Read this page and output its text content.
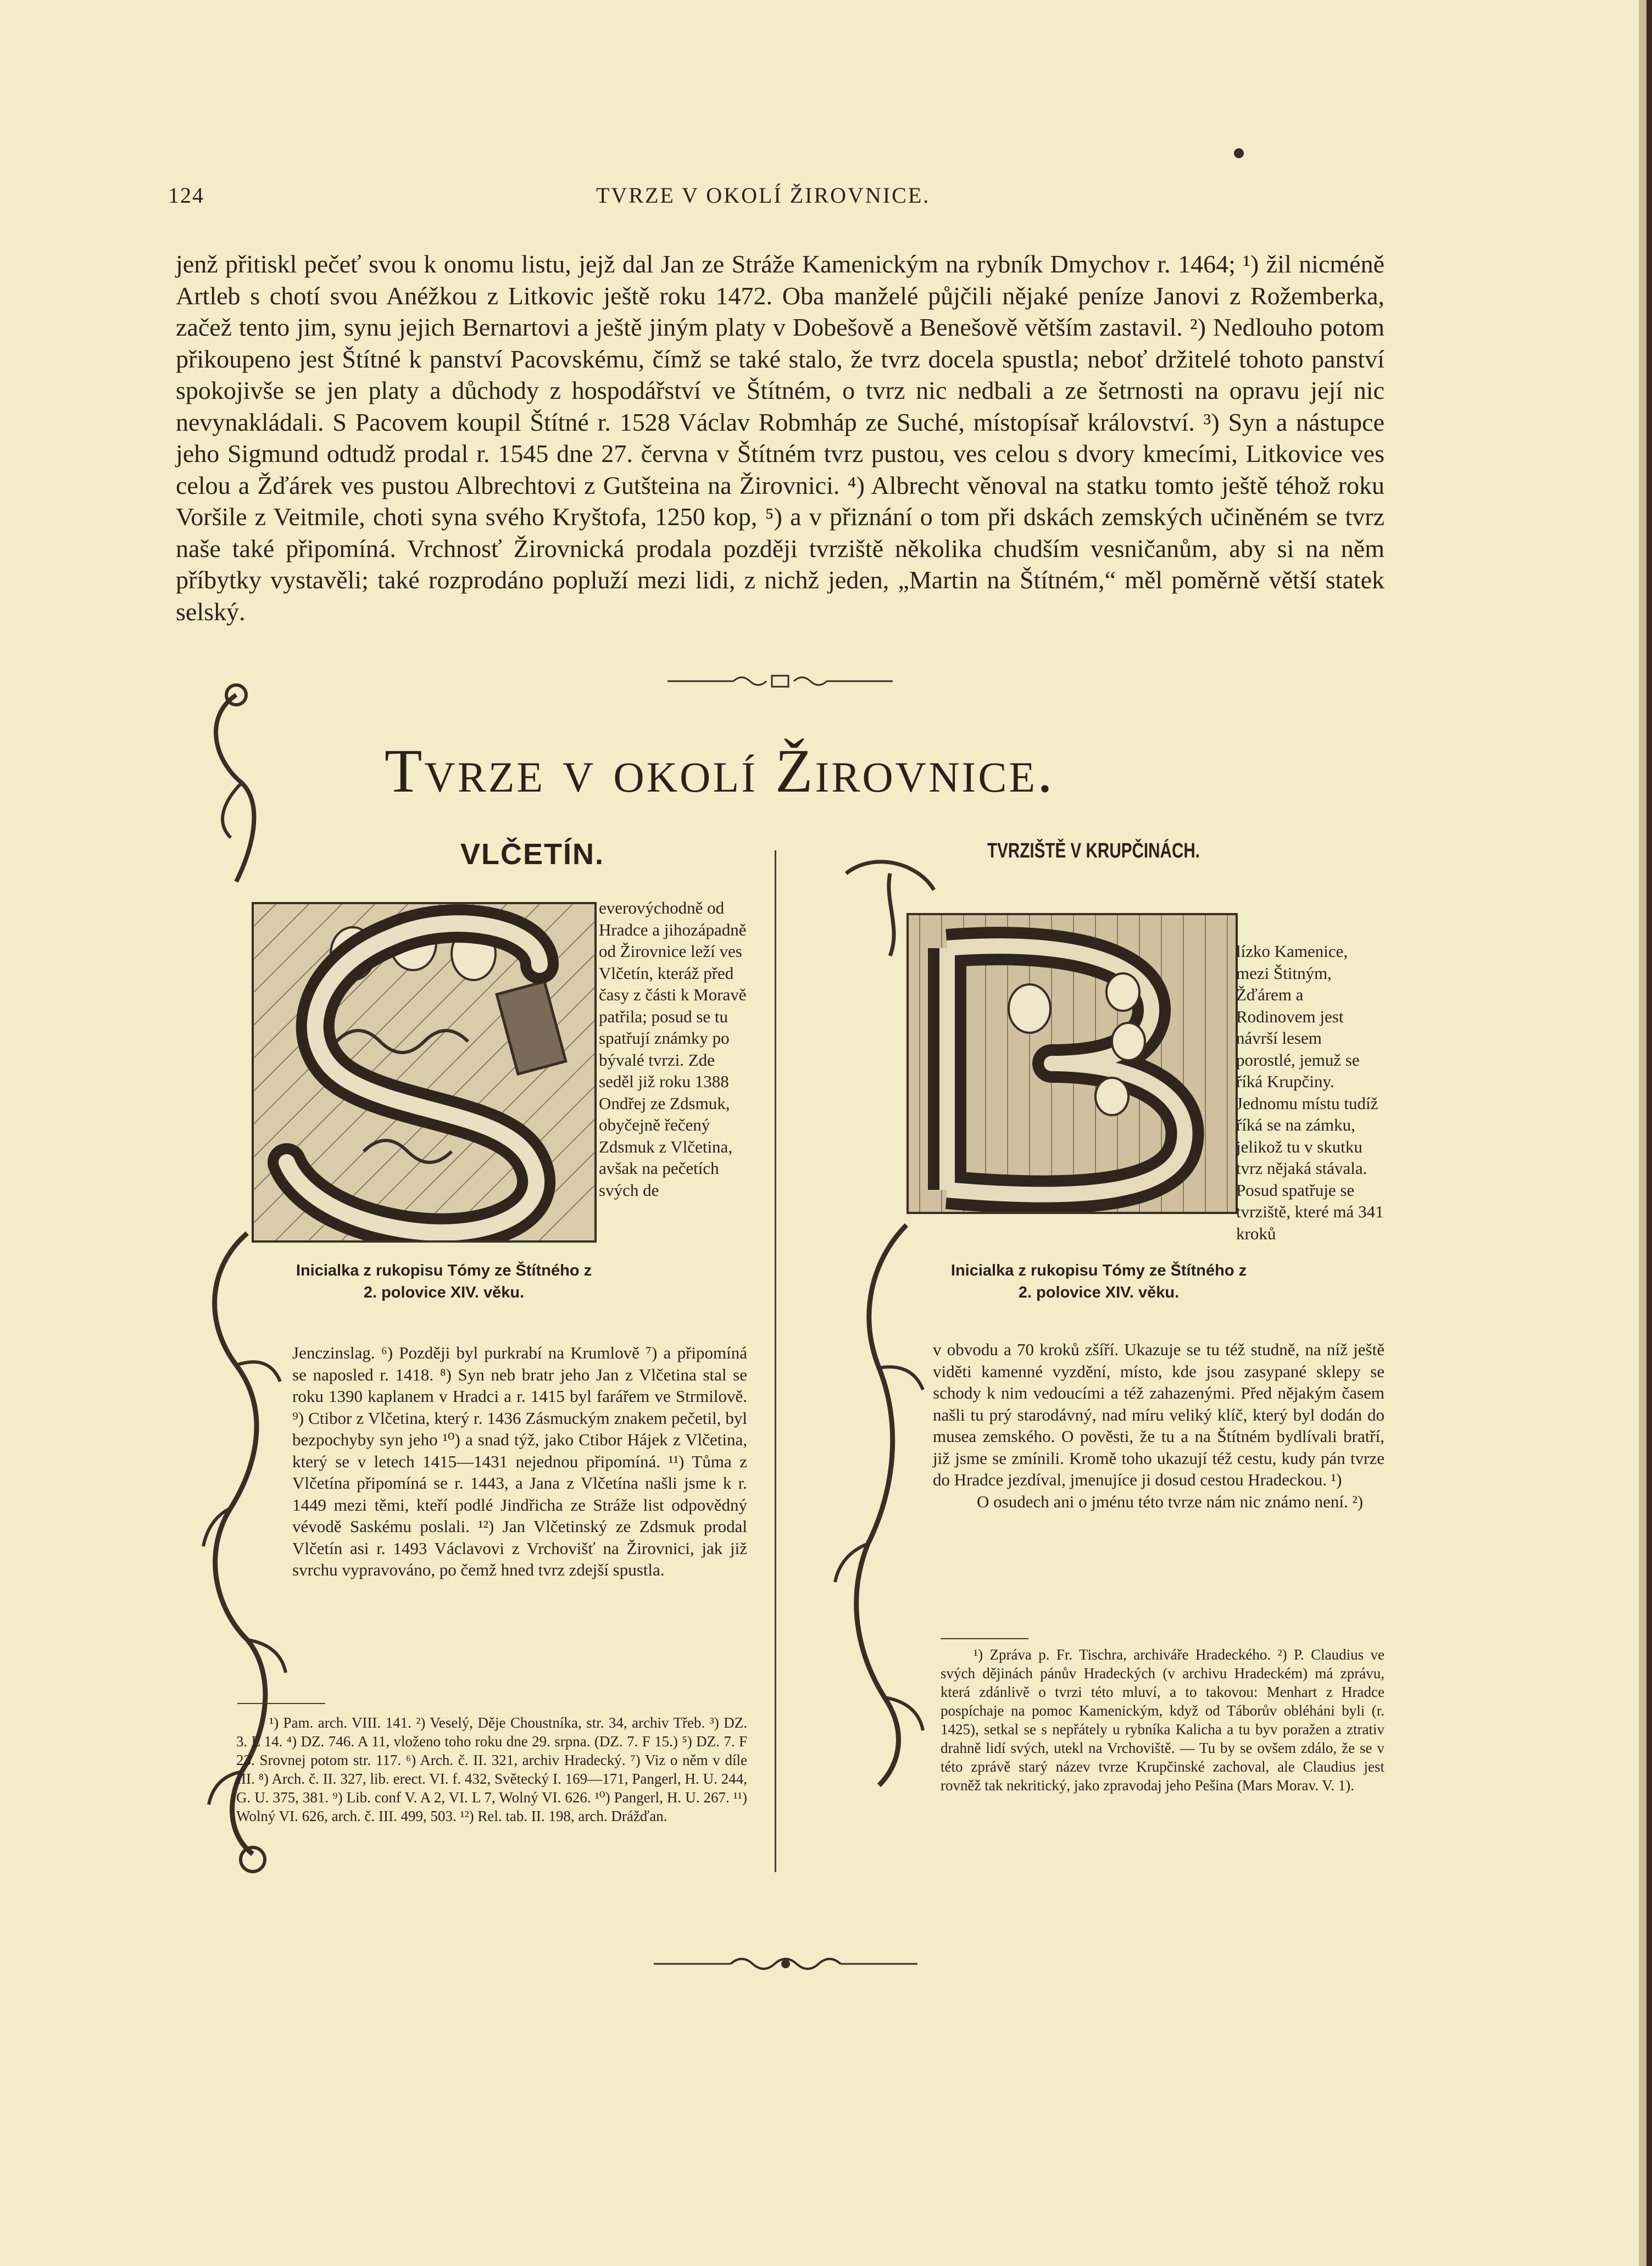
124	TVRZE V OKOLÍ ŽIROVNICE.

jenž přitiskl pečeť svou k onomu listu, jejž dal Jan ze Stráže Kamenickým na rybník Dmychov r. 1464; ¹) žil nicméně Artleb s chotí svou Anéžkou z Litkovic ještě roku 1472. Oba manželé půjčili nějaké peníze Janovi z Rožemberka, začež tento jim, synu jejich Bernartovi a ještě jiným platy v Dobešově a Benešově větším zastavil. ²) Nedlouho potom přikoupeno jest Štítné k panství Pacovskému, čímž se také stalo, že tvrz docela spustla; neboť držitelé tohoto panství spokojivše se jen platy a důchody z hospodářství ve Štítném, o tvrz nic nedbali a ze šetrnosti na opravu její nic nevynakládali. S Pacovem koupil Štítné r. 1528 Václav Robmháp ze Suché, místopísař království. ³) Syn a nástupce jeho Sigmund odtudž prodal r. 1545 dne 27. června v Štítném tvrz pustou, ves celou s dvory kmecími, Litkovice ves celou a Žďárek ves pustou Albrechtovi z Gutšteina na Žirovnici. ⁴) Albrecht věnoval na statku tomto ještě téhož roku Voršile z Veitmile, choti syna svého Kryštofa, 1250 kop, ⁵) a v přiznání o tom při dskách zemských učiněném se tvrz naše také připomíná. Vrchnosť Žirovnická prodala později tvrziště několika chudším vesničanům, aby si na něm příbytky vystavěli; také rozprodáno popluží mezi lidi, z nichž jeden, „Martin na Štítném,“ měl poměrně větší statek selský.

Tvrze v okolí Žirovnice.
VLČETÍN.	TVRZIŠTĚ V KRUPČINÁCH.

Inicialka z rukopisu Tómy ze Štítného z 2. polovice XIV. věku.

Inicialka z rukopisu Tómy ze Štítného z 2. polovice XIV. věku.

everovýchodně od Hradce a jihozápadně od Žirovnice leží ves Vlčetín, kteráž před časy z části k Moravě patřila; posud se tu spatřují známky po bývalé tvrzi. Zde seděl již roku 1388 Ondřej ze Zdsmuk, obyčejně řečený Zdsmuk z Vlčetina, avšak na pečetích svých de

Jenczinslag. ⁶) Později byl purkrabí na Krumlově ⁷) a připomíná se naposled r. 1418. ⁸) Syn neb bratr jeho Jan z Vlčetina stal se roku 1390 kaplanem v Hradci a r. 1415 byl farářem ve Strmilově. ⁹) Ctibor z Vlčetina, který r. 1436 Zásmuckým znakem pečetil, byl bezpochyby syn jeho ¹⁰) a snad týž, jako Ctibor Hájek z Vlčetina, který se v letech 1415—1431 nejednou připomíná. ¹¹) Tůma z Vlčetína připomíná se r. 1443, a Jana z Vlčetína našli jsme k r. 1449 mezi těmi, kteří podlé Jindřicha ze Stráže list odpovědný vévodě Saskému poslali. ¹²) Jan Vlčetinský ze Zdsmuk prodal Vlčetín asi r. 1493 Václavovi z Vrchovišť na Žirovnici, jak již svrchu vypravováno, po čemž hned tvrz zdejší spustla.

lízko Kamenice, mezi Štitným, Žďárem a Rodinovem jest návrší lesem porostlé, jemuž se říká Krupčiny. Jednomu místu tudíž říká se na zámku, jelikož tu v skutku tvrz nějaká stávala. Posud spatřuje se tvrziště, které má 341 kroků

v obvodu a 70 kroků zšíří. Ukazuje se tu též studně, na níž ještě viděti kamenné vyzdění, místo, kde jsou zasypané sklepy se schody k nim vedoucími a též zahazenými. Před nějakým časem našli tu prý starodávný, nad míru veliký klíč, který byl dodán do musea zemského. O pověsti, že tu a na Štítném bydlívali bratří, již jsme se zmínili. Kromě toho ukazují též cestu, kudy pán tvrze do Hradce jezdíval, jmenujíce ji dosud cestou Hradeckou. ¹)

O osudech ani o jménu této tvrze nám nic známo není. ²)

¹) Pam. arch. VIII. 141. ²) Veselý, Děje Choustníka, str. 34, archiv Třeb. ³) DZ. 3. L 14. ⁴) DZ. 746. A 11, vloženo toho roku dne 29. srpna. (DZ. 7. F 15.) ⁵) DZ. 7. F 23. Srovnej potom str. 117. ⁶) Arch. č. II. 321, archiv Hradecký. ⁷) Viz o něm v díle III. ⁸) Arch. č. II. 327, lib. erect. VI. f. 432, Světecký I. 169—171, Pangerl, H. U. 244, G. U. 375, 381. ⁹) Lib. conf V. A 2, VI. L 7, Wolný VI. 626. ¹⁰) Pangerl, H. U. 267. ¹¹) Wolný VI. 626, arch. č. III. 499, 503. ¹²) Rel. tab. II. 198, arch. Drážďan.

¹) Zpráva p. Fr. Tischra, archiváře Hradeckého. ²) P. Claudius ve svých dějinách pánův Hradeckých (v archivu Hradeckém) má zprávu, která zdánlivě o tvrzi této mluví, a to takovou: Menhart z Hradce pospíchaje na pomoc Kamenickým, když od Táborův obléháni byli (r. 1425), setkal se s nepřátely u rybníka Kalicha a tu byv poražen a ztrativ drahně lidí svých, utekl na Vrchoviště. — Tu by se ovšem zdálo, že se v této zprávě starý název tvrze Krupčinské zachoval, ale Claudius jest rovněž tak nekritický, jako zpravodaj jeho Pešina (Mars Morav. V. 1).
